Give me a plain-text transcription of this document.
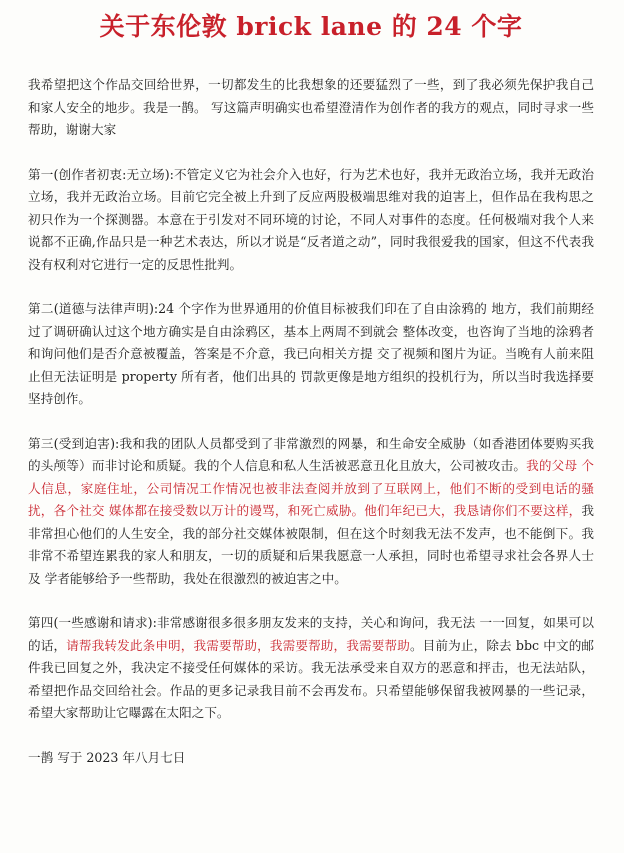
关于东伦敦 brick lane 的 24 个字

我希望把这个作品交回给世界，一切都发生的比我想象的还要猛烈了一些，到了我必须先保护我自己和家人安全的地步。我是一鹊。 写这篇声明确实也希望澄清作为创作者的我方的观点，同时寻求一些帮助，谢谢大家

第一(创作者初衷:无立场):不管定义它为社会介入也好，行为艺术也好，我并无政治立场，我并无政治立场，我并无政治立场。目前它完全被上升到了反应两股极端思维对我的迫害上，但作品在我构思之初只作为一个探测器。本意在于引发对不同环境的讨论，不同人对事件的态度。任何极端对我个人来说都不正确,作品只是一种艺术表达，所以才说是“反者道之动”，同时我很爱我的国家，但这不代表我没有权利对它进行一定的反思性批判。

第二(道德与法律声明):24 个字作为世界通用的价值目标被我们印在了自由涂鸦的 地方，我们前期经过了调研确认过这个地方确实是自由涂鸦区，基本上两周不到就会 整体改变，也咨询了当地的涂鸦者和询问他们是否介意被覆盖，答案是不介意，我已向相关方提 交了视频和图片为证。当晚有人前来阻止但无法证明是 property 所有者，他们出具的 罚款更像是地方组织的投机行为，所以当时我选择要坚持创作。

第三(受到迫害):我和我的团队人员都受到了非常激烈的网暴，和生命安全威胁（如香港团体要购买我的头颅等）而非讨论和质疑。我的个人信息和私人生活被恶意丑化且放大，公司被攻击。我的父母 个人信息，家庭住址，公司情况工作情况也被非法查阅并放到了互联网上，他们不断的受到电话的骚扰，各个社交 媒体都在接受数以万计的谩骂，和死亡威胁。他们年纪已大，我恳请你们不要这样，我非常担心他们的人生安全，我的部分社交媒体被限制，但在这个时刻我无法不发声，也不能倒下。我非常不希望连累我的家人和朋友，一切的质疑和后果我愿意一人承担，同时也希望寻求社会各界人士及 学者能够给予一些帮助，我处在很激烈的被迫害之中。

第四(一些感谢和请求):非常感谢很多很多朋友发来的支持，关心和询问，我无法 一一回复，如果可以的话，请帮我转发此条申明，我需要帮助，我需要帮助，我需要帮助。目前为止，除去 bbc 中文的邮件我已回复之外，我决定不接受任何媒体的采访。我无法承受来自双方的恶意和抨击，也无法站队，希望把作品交回给社会。作品的更多记录我目前不会再发布。只希望能够保留我被网暴的一些记录，希望大家帮助让它曝露在太阳之下。

一鹊 写于 2023 年八月七日
